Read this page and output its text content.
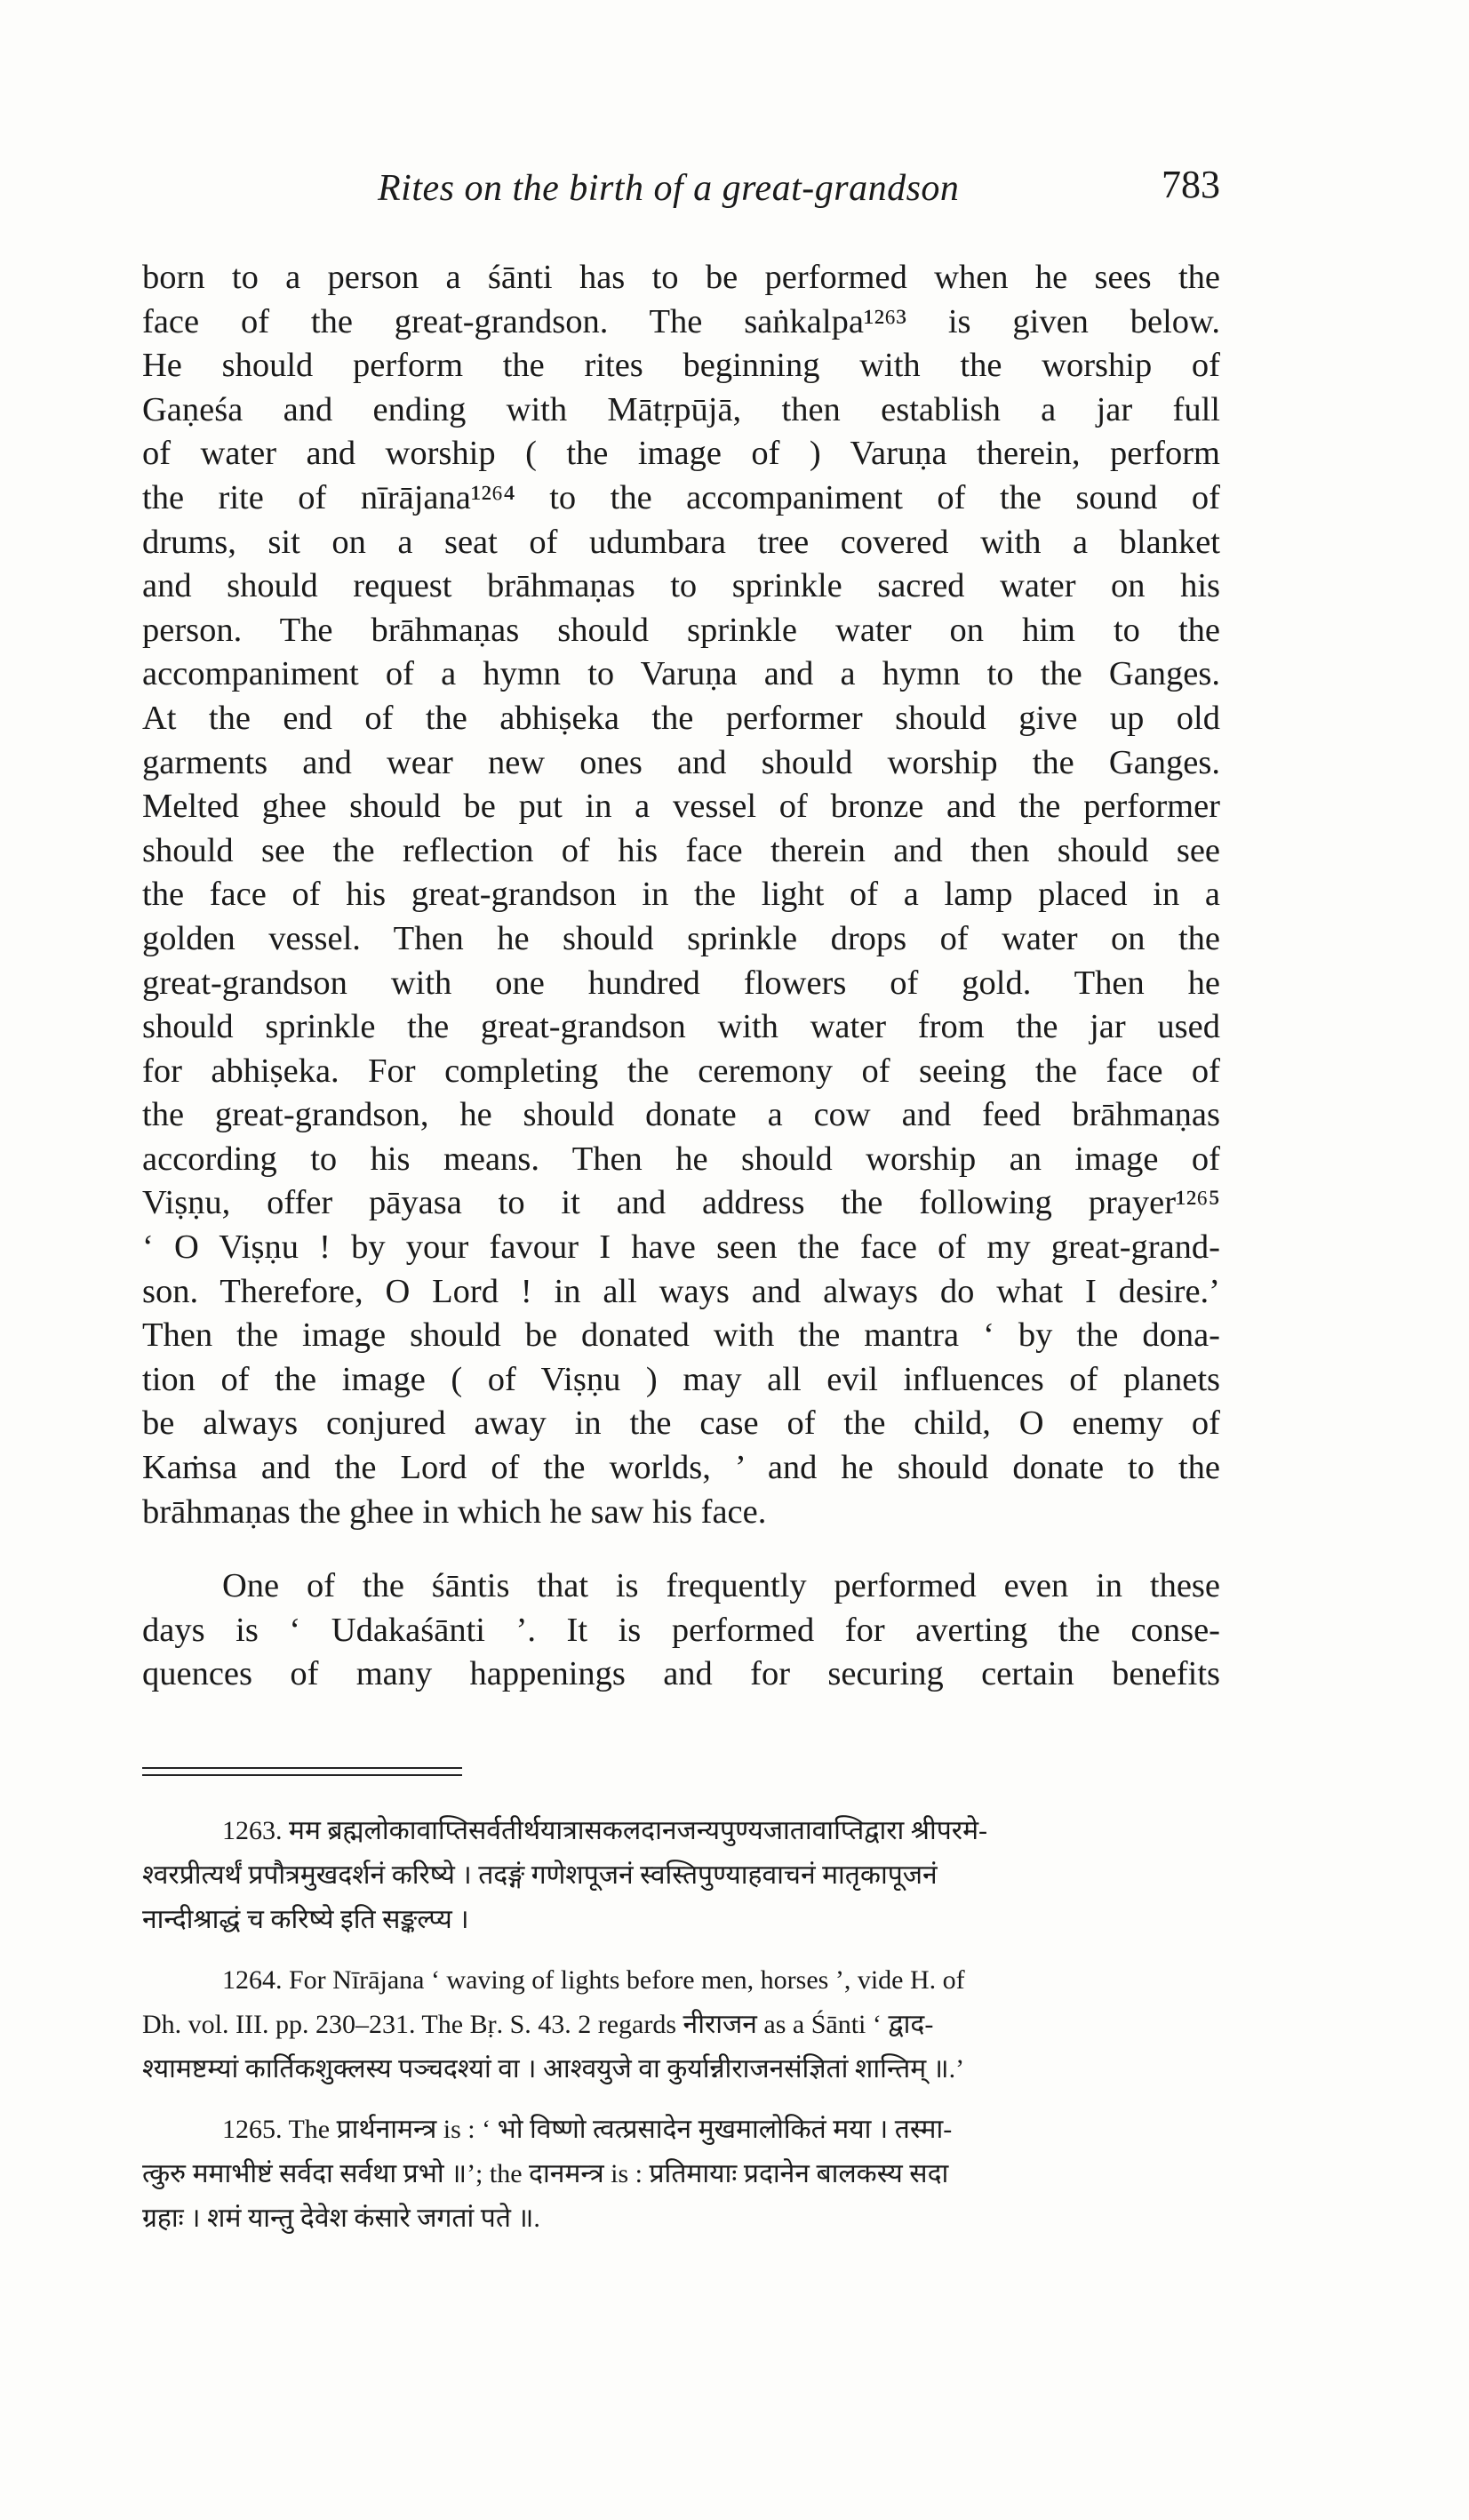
Rites on the birth of a great-grandson	783

born to a person a śānti has to be performed when he sees the
face of the great-grandson. The saṅkalpa¹²⁶³ is given below.
He should perform the rites beginning with the worship of
Gaṇeśa and ending with Mātṛpūjā, then establish a jar full
of water and worship ( the image of ) Varuṇa therein, perform
the rite of nīrājana¹²⁶⁴ to the accompaniment of the sound of
drums, sit on a seat of udumbara tree covered with a blanket
and should request brāhmaṇas to sprinkle sacred water on his
person. The brāhmaṇas should sprinkle water on him to the
accompaniment of a hymn to Varuṇa and a hymn to the Ganges.
At the end of the abhiṣeka the performer should give up old
garments and wear new ones and should worship the Ganges.
Melted ghee should be put in a vessel of bronze and the performer
should see the reflection of his face therein and then should see
the face of his great-grandson in the light of a lamp placed in a
golden vessel. Then he should sprinkle drops of water on the
great-grandson with one hundred flowers of gold. Then he
should sprinkle the great-grandson with water from the jar used
for abhiṣeka. For completing the ceremony of seeing the face of
the great-grandson, he should donate a cow and feed brāhmaṇas
according to his means. Then he should worship an image of
Viṣṇu, offer pāyasa to it and address the following prayer¹²⁶⁵
‘ O Viṣṇu ! by your favour I have seen the face of my great-grand-
son. Therefore, O Lord ! in all ways and always do what I desire.’
Then the image should be donated with the mantra ‘ by the dona-
tion of the image ( of Viṣṇu ) may all evil influences of planets
be always conjured away in the case of the child, O enemy of
Kaṁsa and the Lord of the worlds, ’ and he should donate to the
brāhmaṇas the ghee in which he saw his face.

One of the śāntis that is frequently performed even in these
days is ‘ Udakaśānti ’. It is performed for averting the conse-
quences of many happenings and for securing certain benefits

1263. मम ब्रह्मलोकावाप्तिसर्वतीर्थयात्रासकलदानजन्यपुण्यजातावाप्तिद्वारा श्रीपरमे-
श्वरप्रीत्यर्थं प्रपौत्रमुखदर्शनं करिष्ये । तदङ्गं गणेशपूजनं स्वस्तिपुण्याहवाचनं मातृकापूजनं
नान्दीश्राद्धं च करिष्ये इति सङ्कल्प्य ।
1264. For Nīrājana ‘ waving of lights before men, horses ’, vide H. of
Dh. vol. III. pp. 230–231. The Bṛ. S. 43. 2 regards नीराजन as a Śānti ‘ द्वाद-
श्यामष्टम्यां कार्तिकशुक्लस्य पञ्चदश्यां वा । आश्वयुजे वा कुर्यान्नीराजनसंज्ञितां शान्तिम् ॥.’
1265. The प्रार्थनामन्त्र is : ‘ भो विष्णो त्वत्प्रसादेन मुखमालोकितं मया । तस्मा-
त्कुरु ममाभीष्टं सर्वदा सर्वथा प्रभो ॥’; the दानमन्त्र is : प्रतिमायाः प्रदानेन बालकस्य सदा
ग्रहाः । शमं यान्तु देवेश कंसारे जगतां पते ॥.
